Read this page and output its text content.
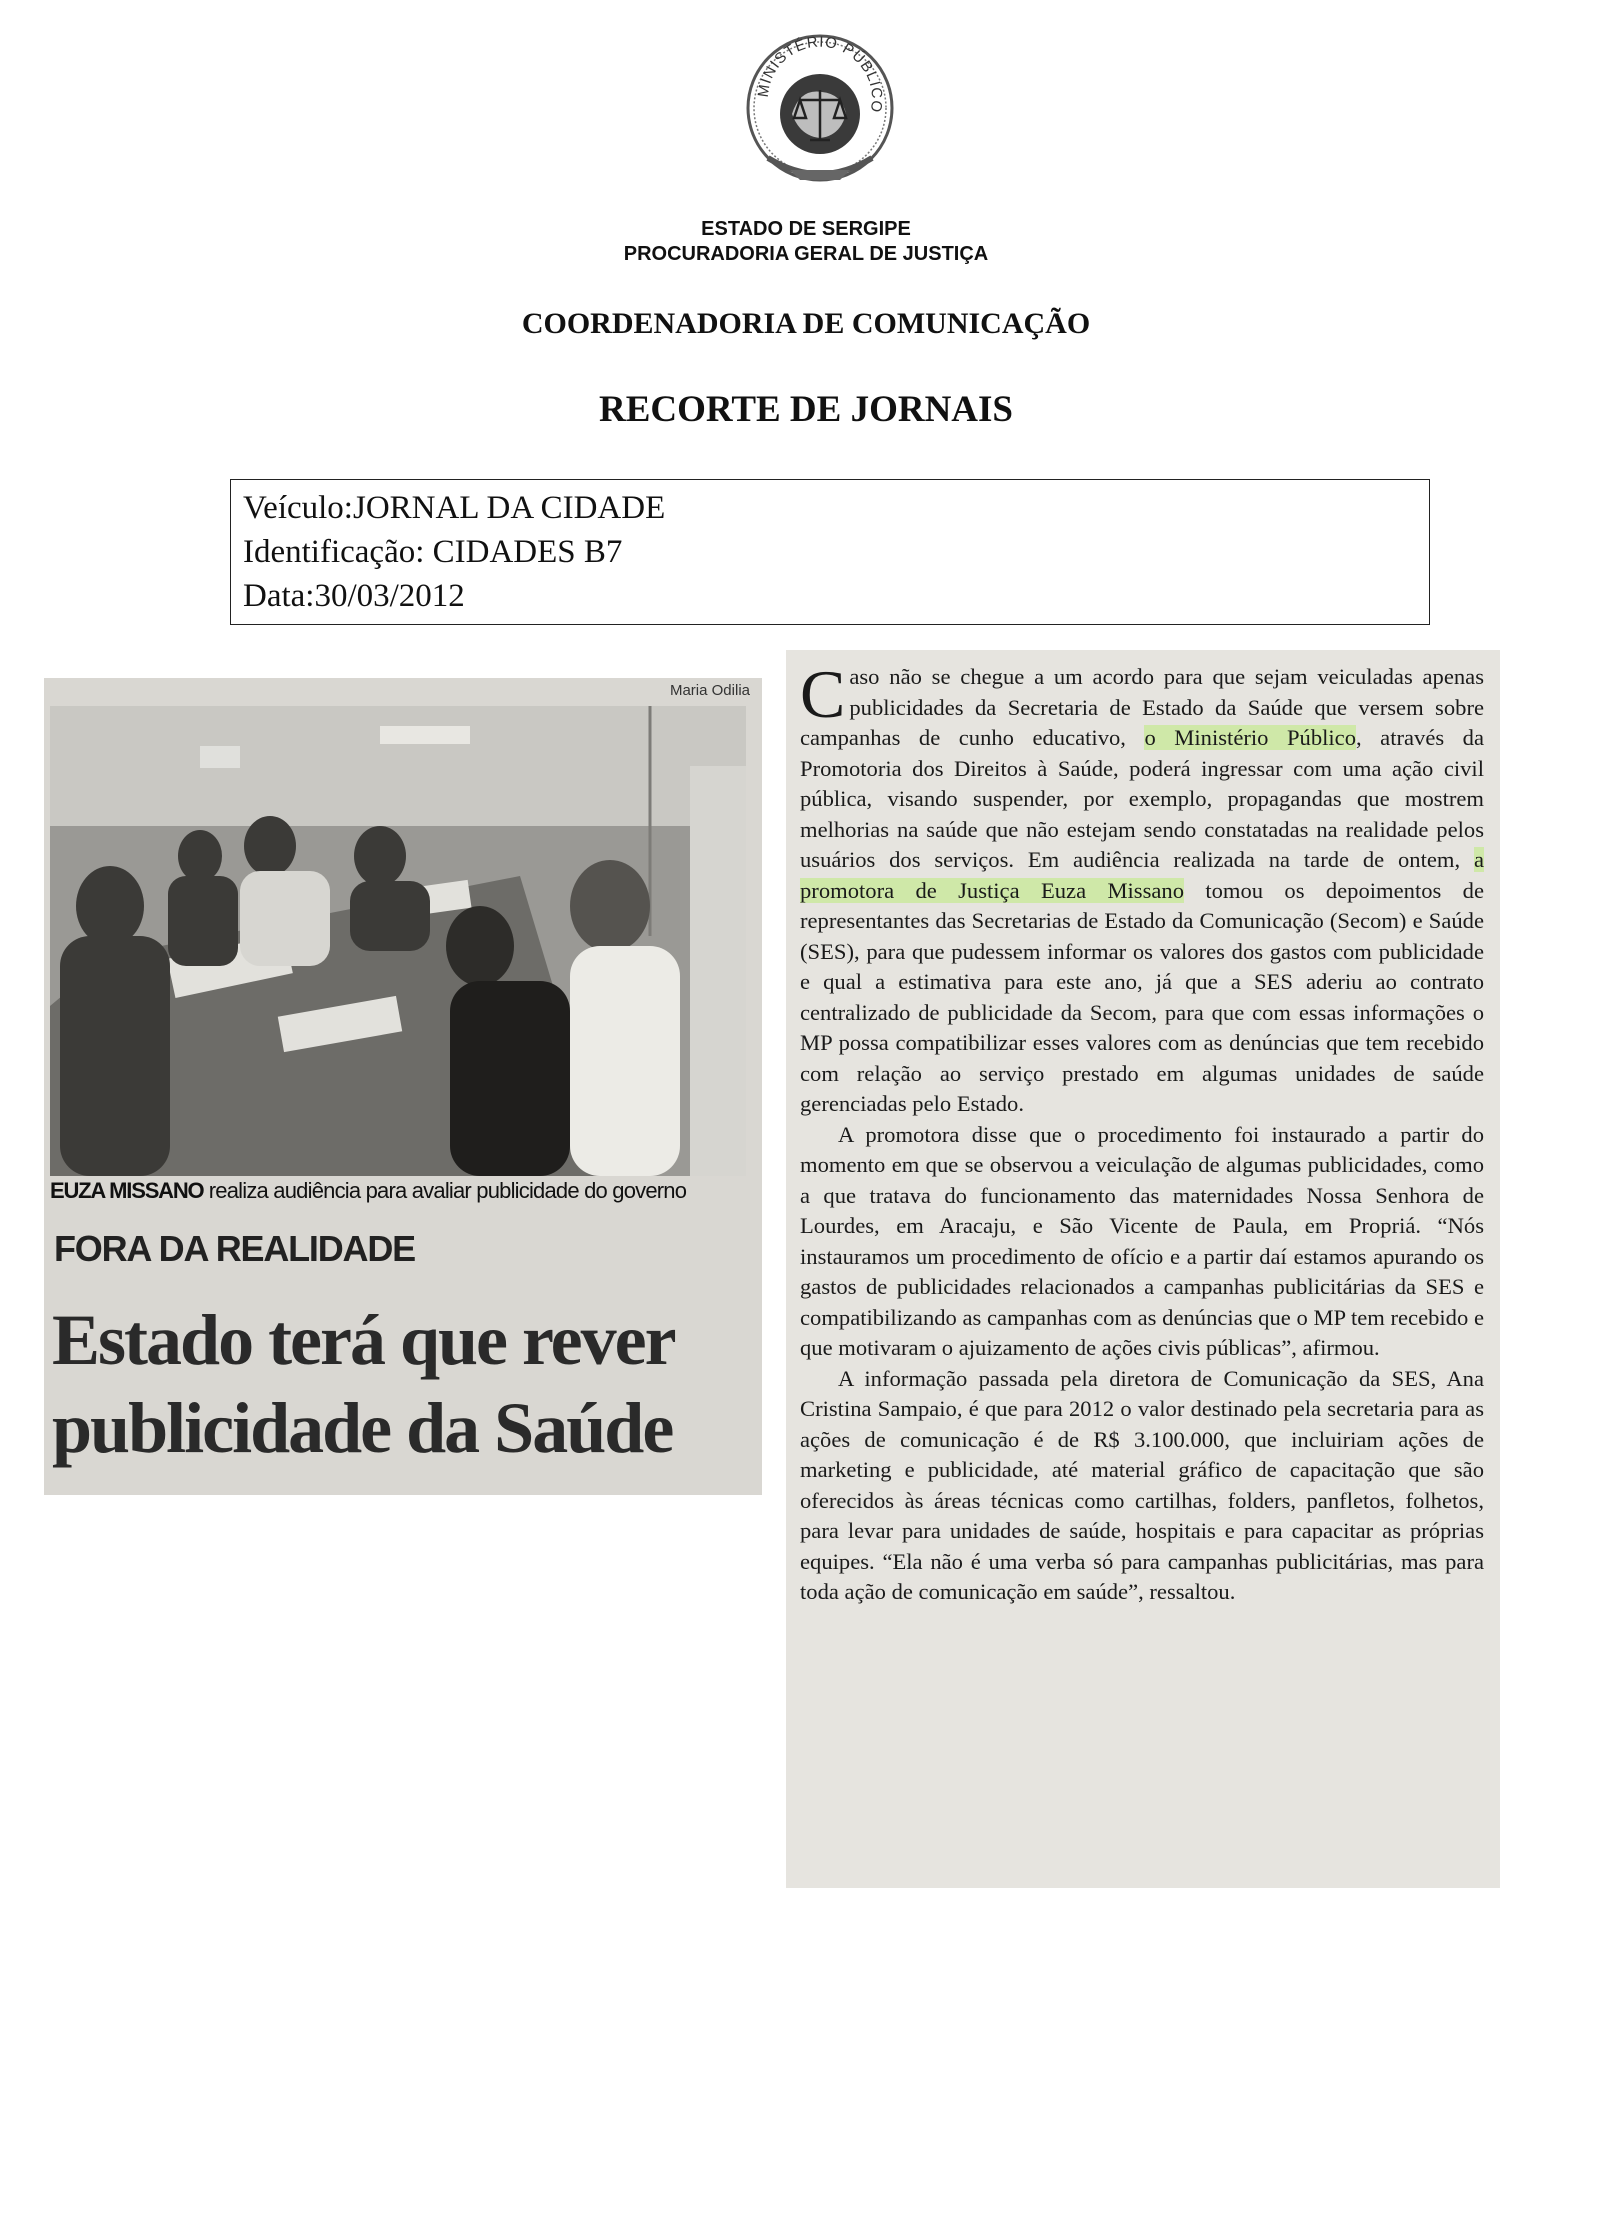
MINISTÉRIO PÚBLICO
ESTADO DE SERGIPE
PROCURADORIA GERAL DE JUSTIÇA
COORDENADORIA DE COMUNICAÇÃO
RECORTE DE JORNAIS
Veículo:JORNAL DA CIDADE
Identificação: CIDADES B7
Data:30/03/2012
Maria Odilia
EUZA MISSANO realiza audiência para avaliar publicidade do governo
FORA DA REALIDADE
Estado terá que rever publicidade da Saúde

Caso não se chegue a um acordo para que sejam veiculadas apenas publicidades da Secretaria de Estado da Saúde que versem sobre campanhas de cunho educativo, o Ministério Público, através da Promotoria dos Direitos à Saúde, poderá ingressar com uma ação civil pública, visando suspender, por exemplo, propagandas que mostrem melhorias na saúde que não estejam sendo constatadas na realidade pelos usuários dos serviços. Em audiência realizada na tarde de ontem, a promotora de Justiça Euza Missano tomou os depoimentos de representantes das Secretarias de Estado da Comunicação (Secom) e Saúde (SES), para que pudessem informar os valores dos gastos com publicidade e qual a estimativa para este ano, já que a SES aderiu ao contrato centralizado de publicidade da Secom, para que com essas informações o MP possa compatibilizar esses valores com as denúncias que tem recebido com relação ao serviço prestado em algumas unidades de saúde gerenciadas pelo Estado.

A promotora disse que o procedimento foi instaurado a partir do momento em que se observou a veiculação de algumas publicidades, como a que tratava do funcionamento das maternidades Nossa Senhora de Lourdes, em Aracaju, e São Vicente de Paula, em Propriá. “Nós instauramos um procedimento de ofício e a partir daí estamos apurando os gastos de publicidades relacionados a campanhas publicitárias da SES e compatibilizando as campanhas com as denúncias que o MP tem recebido e que motivaram o ajuizamento de ações civis públicas”, afirmou.

A informação passada pela diretora de Comunicação da SES, Ana Cristina Sampaio, é que para 2012 o valor destinado pela secretaria para as ações de comunicação é de R$ 3.100.000, que incluiriam ações de marketing e publicidade, até material gráfico de capacitação que são oferecidos às áreas técnicas como cartilhas, folders, panfletos, folhetos, para levar para unidades de saúde, hospitais e para capacitar as próprias equipes. “Ela não é uma verba só para campanhas publicitárias, mas para toda ação de comunicação em saúde”, ressaltou.
